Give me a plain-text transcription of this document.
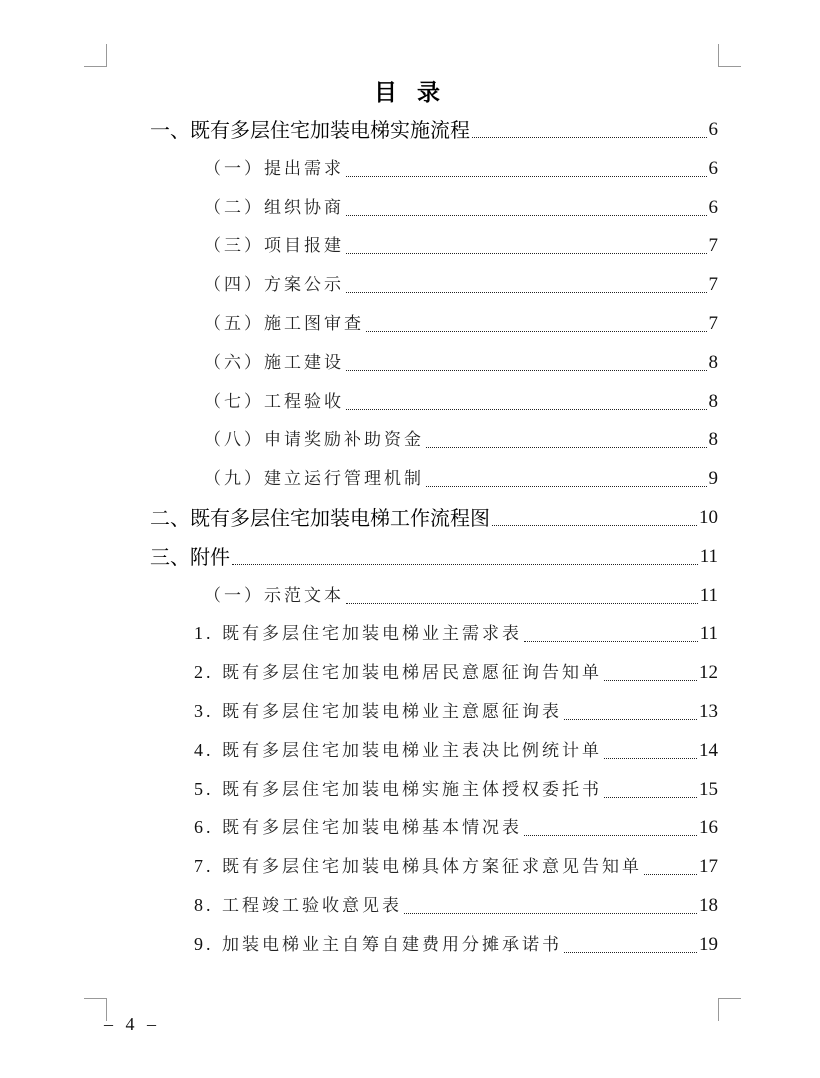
目 录
一、既有多层住宅加装电梯实施流程	6
（一）提出需求	6
（二）组织协商	6
（三）项目报建	7
（四）方案公示	7
（五）施工图审查	7
（六）施工建设	8
（七）工程验收	8
（八）申请奖励补助资金	8
（九）建立运行管理机制	9
二、既有多层住宅加装电梯工作流程图	10
三、附件	11
（一）示范文本	11
1. 既有多层住宅加装电梯业主需求表	11
2. 既有多层住宅加装电梯居民意愿征询告知单	12
3. 既有多层住宅加装电梯业主意愿征询表	13
4. 既有多层住宅加装电梯业主表决比例统计单	14
5. 既有多层住宅加装电梯实施主体授权委托书	15
6. 既有多层住宅加装电梯基本情况表	16
7. 既有多层住宅加装电梯具体方案征求意见告知单	17
8. 工程竣工验收意见表	18
9. 加装电梯业主自筹自建费用分摊承诺书	19
– 4 –
